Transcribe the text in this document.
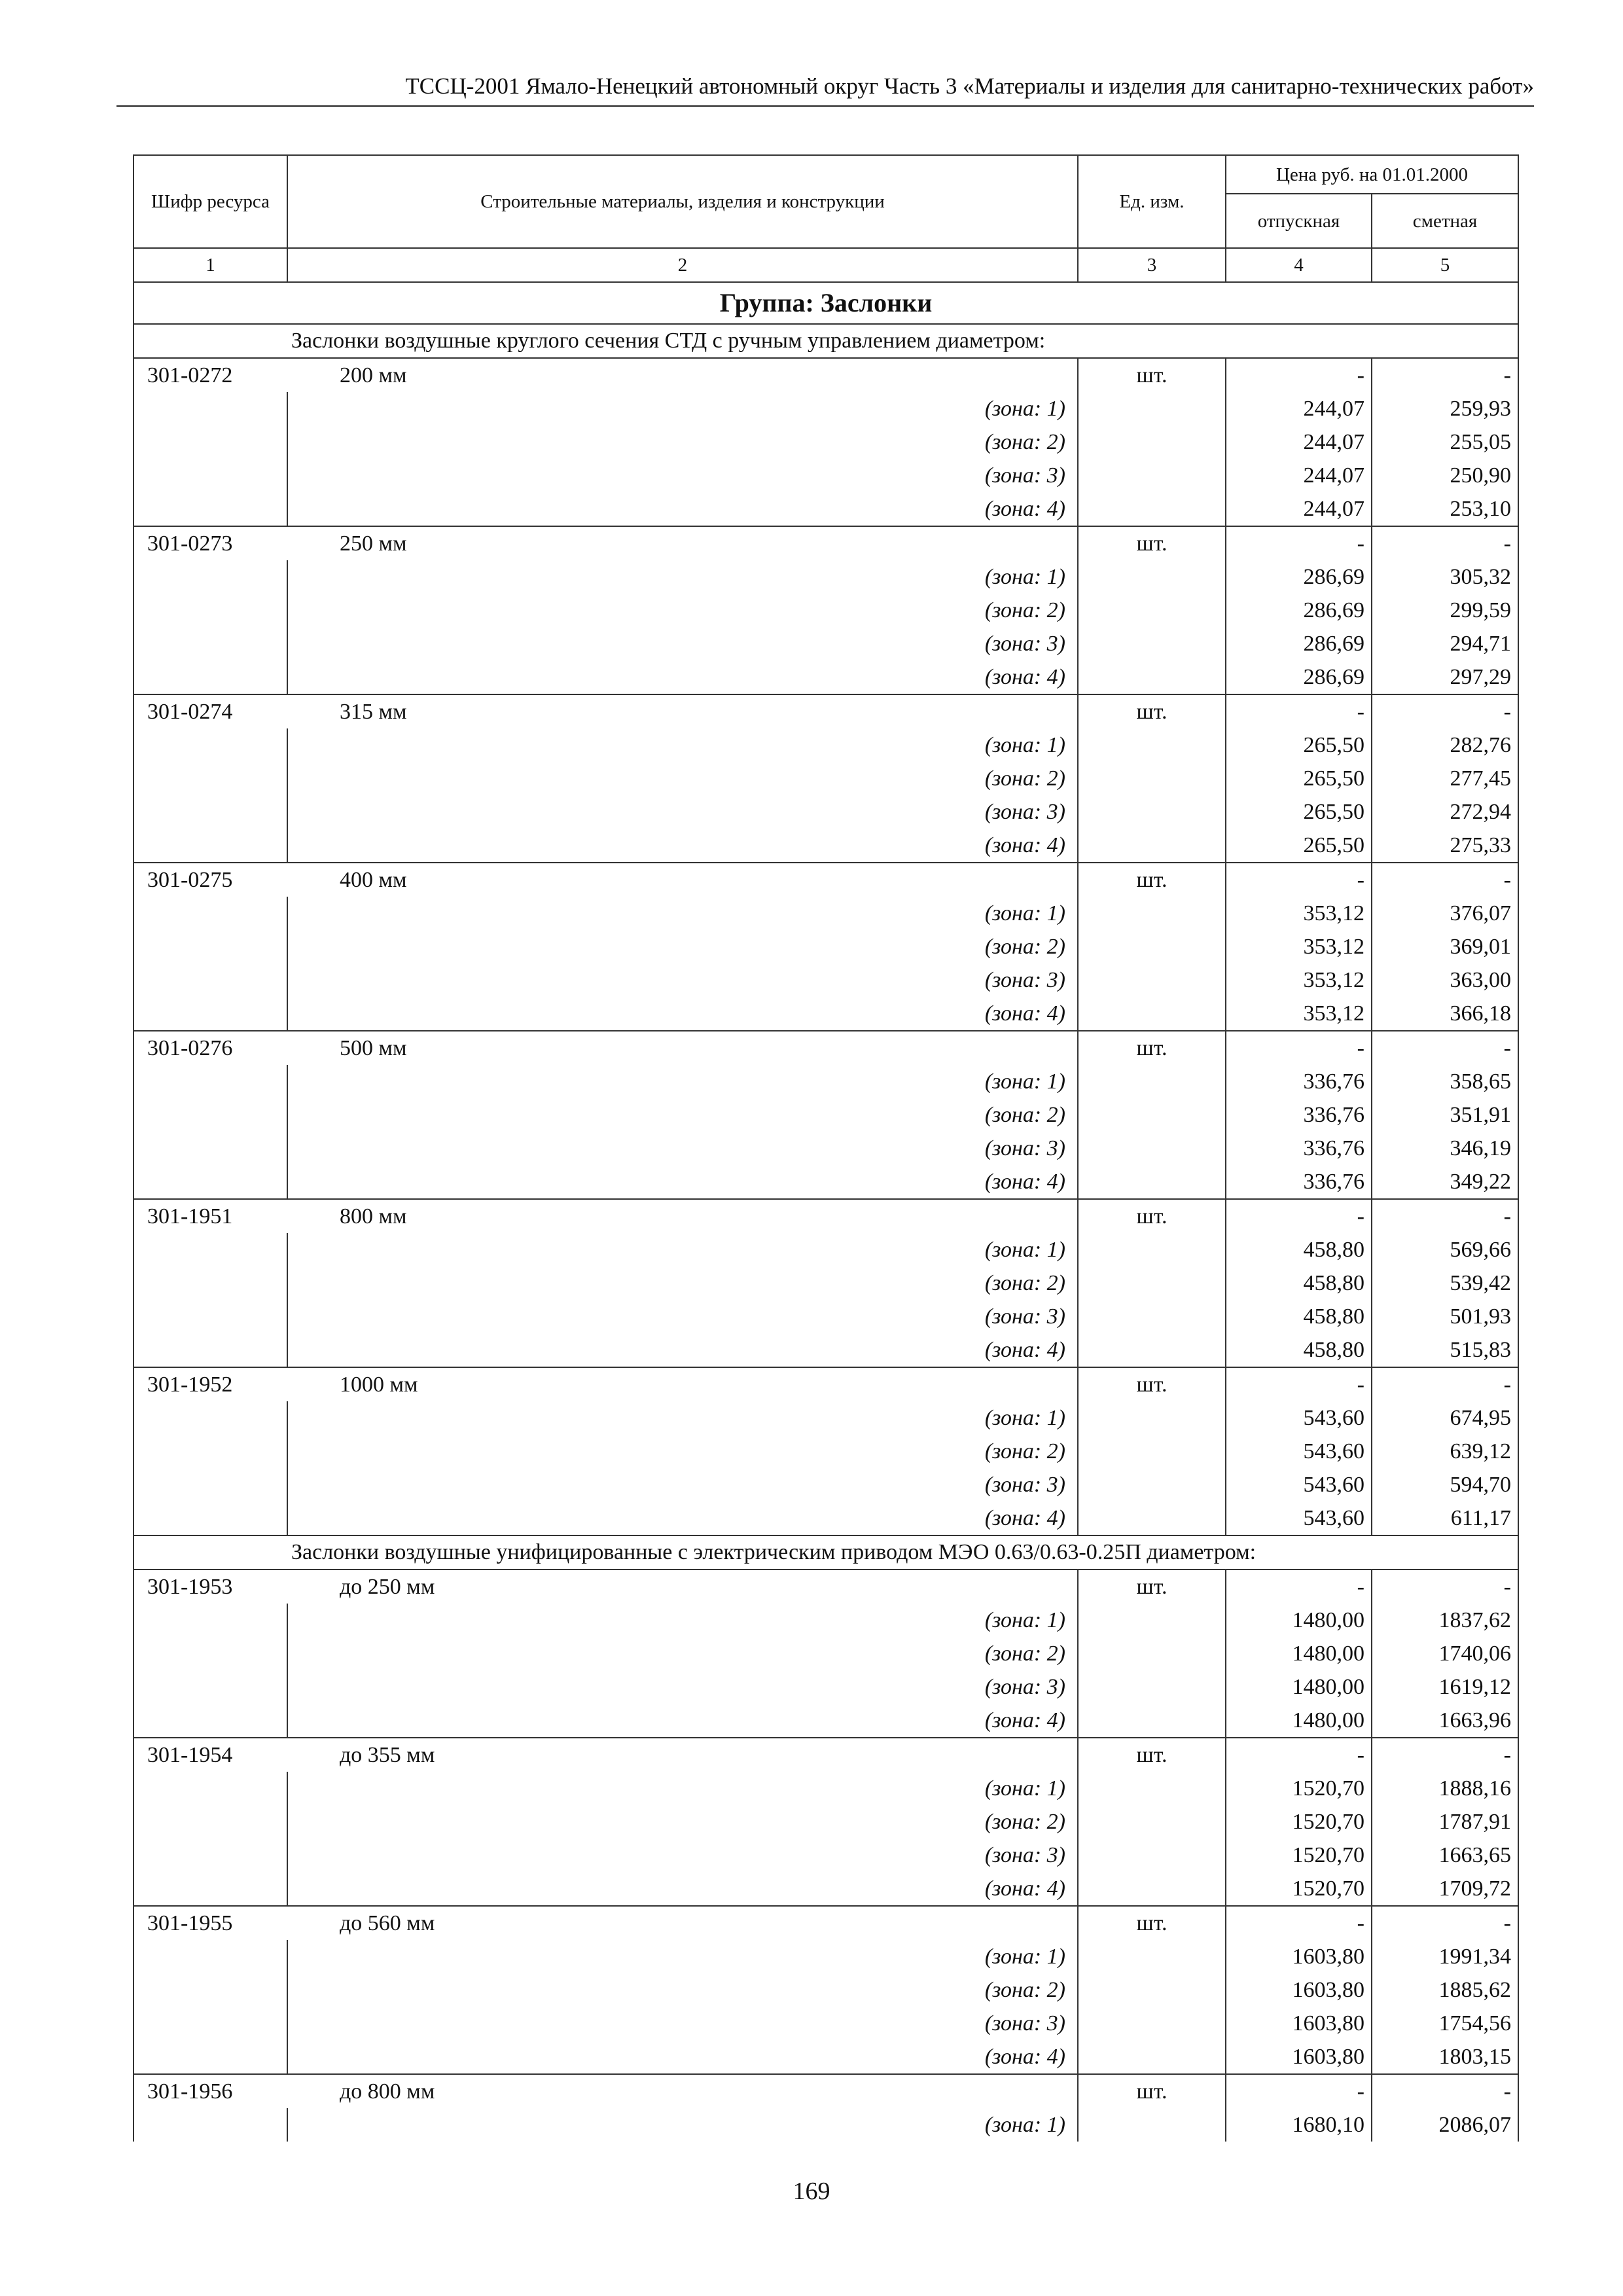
ТССЦ-2001 Ямало-Ненецкий автономный округ Часть 3 «Материалы и изделия для санитарно-технических работ»
Шифр ресурса	Строительные материалы, изделия и конструкции	Ед. изм.	Цена руб. на 01.01.2000	
			отпускная	сметная
1	2	3	4	5
Группа: Заслонки				
Заслонки воздушные круглого сечения СТД с ручным управлением диаметром:				
301-0272	200 мм	шт.	-	-
	(зона: 1)		244,07	259,93
	(зона: 2)		244,07	255,05
	(зона: 3)		244,07	250,90
	(зона: 4)		244,07	253,10
301-0273	250 мм	шт.	-	-
	(зона: 1)		286,69	305,32
	(зона: 2)		286,69	299,59
	(зона: 3)		286,69	294,71
	(зона: 4)		286,69	297,29
301-0274	315 мм	шт.	-	-
	(зона: 1)		265,50	282,76
	(зона: 2)		265,50	277,45
	(зона: 3)		265,50	272,94
	(зона: 4)		265,50	275,33
301-0275	400 мм	шт.	-	-
	(зона: 1)		353,12	376,07
	(зона: 2)		353,12	369,01
	(зона: 3)		353,12	363,00
	(зона: 4)		353,12	366,18
301-0276	500 мм	шт.	-	-
	(зона: 1)		336,76	358,65
	(зона: 2)		336,76	351,91
	(зона: 3)		336,76	346,19
	(зона: 4)		336,76	349,22
301-1951	800 мм	шт.	-	-
	(зона: 1)		458,80	569,66
	(зона: 2)		458,80	539,42
	(зона: 3)		458,80	501,93
	(зона: 4)		458,80	515,83
301-1952	1000 мм	шт.	-	-
	(зона: 1)		543,60	674,95
	(зона: 2)		543,60	639,12
	(зона: 3)		543,60	594,70
	(зона: 4)		543,60	611,17
Заслонки воздушные унифицированные с электрическим приводом МЭО 0.63/0.63-0.25П диаметром:				
301-1953	до 250 мм	шт.	-	-
	(зона: 1)		1480,00	1837,62
	(зона: 2)		1480,00	1740,06
	(зона: 3)		1480,00	1619,12
	(зона: 4)		1480,00	1663,96
301-1954	до 355 мм	шт.	-	-
	(зона: 1)		1520,70	1888,16
	(зона: 2)		1520,70	1787,91
	(зона: 3)		1520,70	1663,65
	(зона: 4)		1520,70	1709,72
301-1955	до 560 мм	шт.	-	-
	(зона: 1)		1603,80	1991,34
	(зона: 2)		1603,80	1885,62
	(зона: 3)		1603,80	1754,56
	(зона: 4)		1603,80	1803,15
301-1956	до 800 мм	шт.	-	-
	(зона: 1)		1680,10	2086,07
169
